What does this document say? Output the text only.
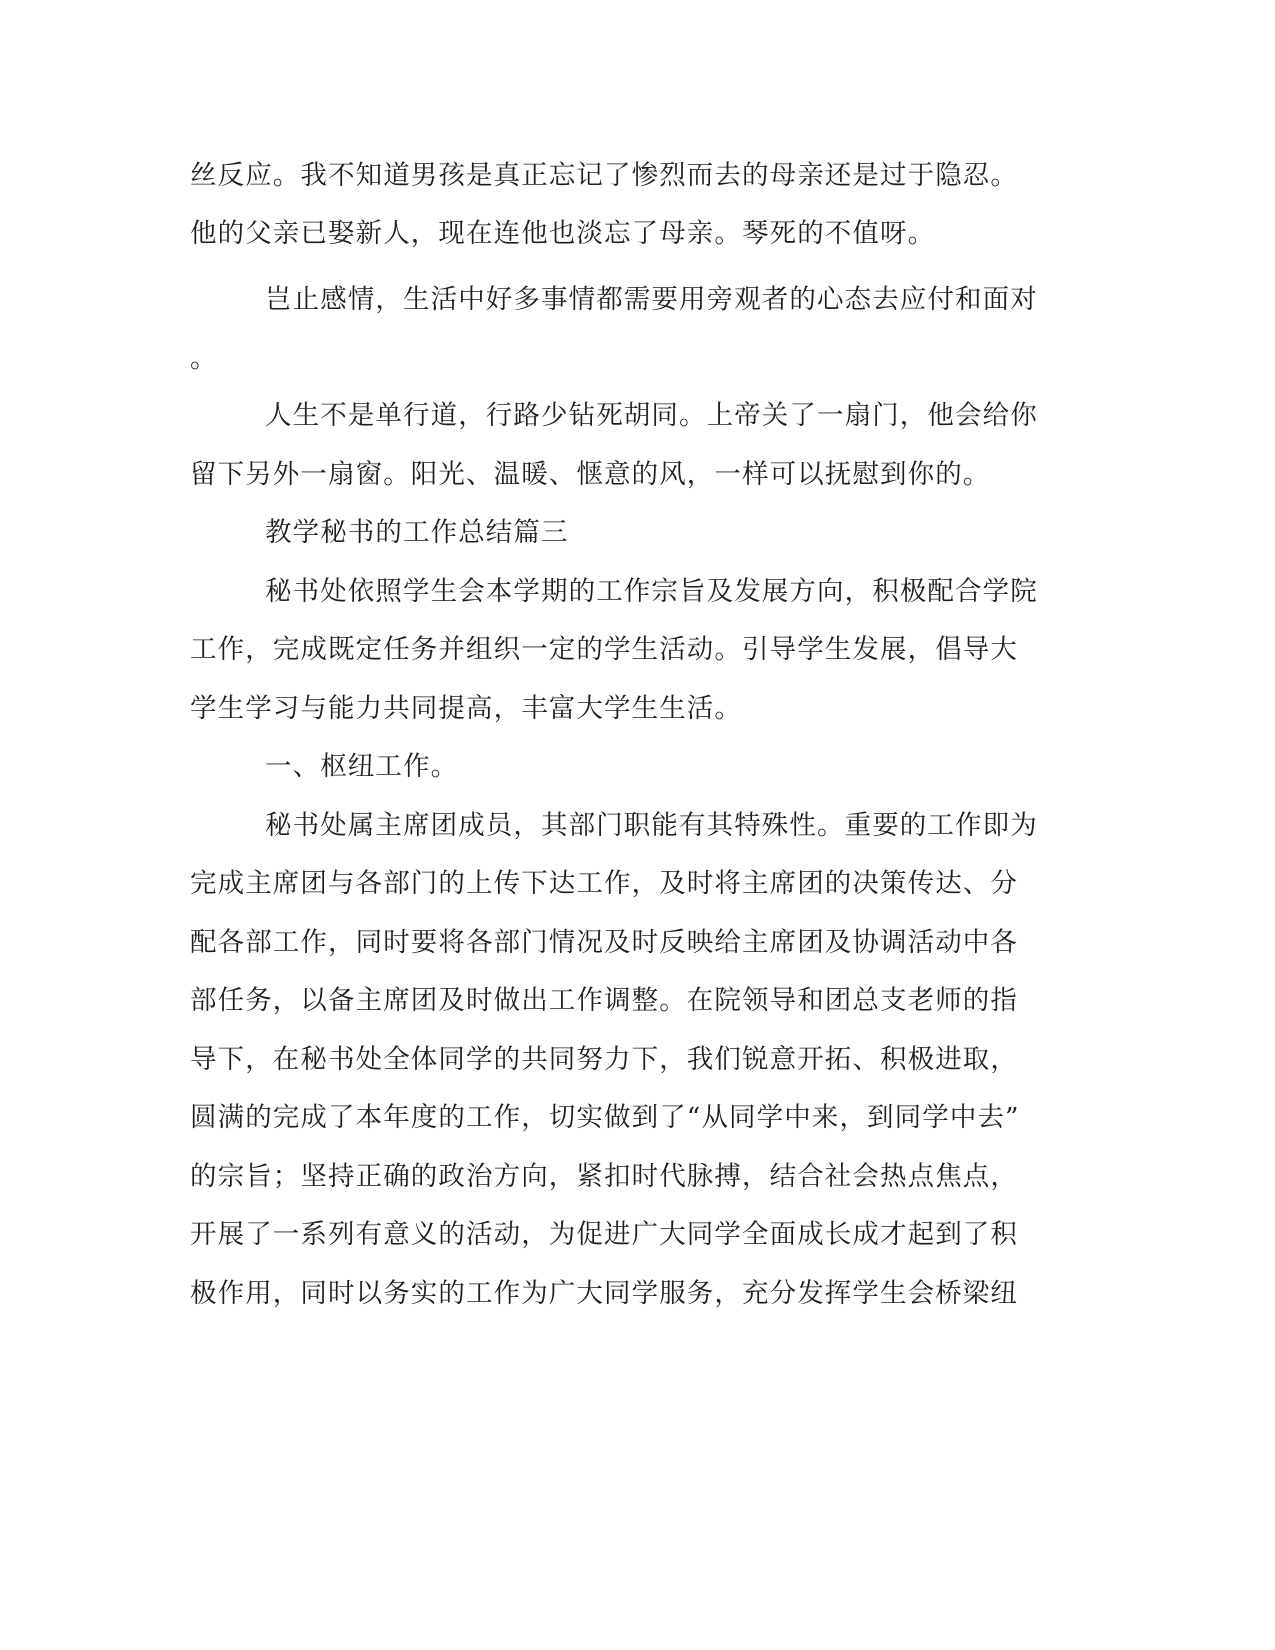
丝反应。我不知道男孩是真正忘记了惨烈而去的母亲还是过于隐忍。
他的父亲已娶新人，现在连他也淡忘了母亲。琴死的不值呀。
岂止感情，生活中好多事情都需要用旁观者的心态去应付和面对
。
人生不是单行道，行路少钻死胡同。上帝关了一扇门，他会给你
留下另外一扇窗。阳光、温暖、惬意的风，一样可以抚慰到你的。
教学秘书的工作总结篇三
秘书处依照学生会本学期的工作宗旨及发展方向，积极配合学院
工作，完成既定任务并组织一定的学生活动。引导学生发展，倡导大
学生学习与能力共同提高，丰富大学生生活。
一、枢纽工作。
秘书处属主席团成员，其部门职能有其特殊性。重要的工作即为
完成主席团与各部门的上传下达工作，及时将主席团的决策传达、分
配各部工作，同时要将各部门情况及时反映给主席团及协调活动中各
部任务，以备主席团及时做出工作调整。在院领导和团总支老师的指
导下，在秘书处全体同学的共同努力下，我们锐意开拓、积极进取，
圆满的完成了本年度的工作，切实做到了“从同学中来，到同学中去”
的宗旨；坚持正确的政治方向，紧扣时代脉搏，结合社会热点焦点，
开展了一系列有意义的活动，为促进广大同学全面成长成才起到了积
极作用，同时以务实的工作为广大同学服务，充分发挥学生会桥梁纽
